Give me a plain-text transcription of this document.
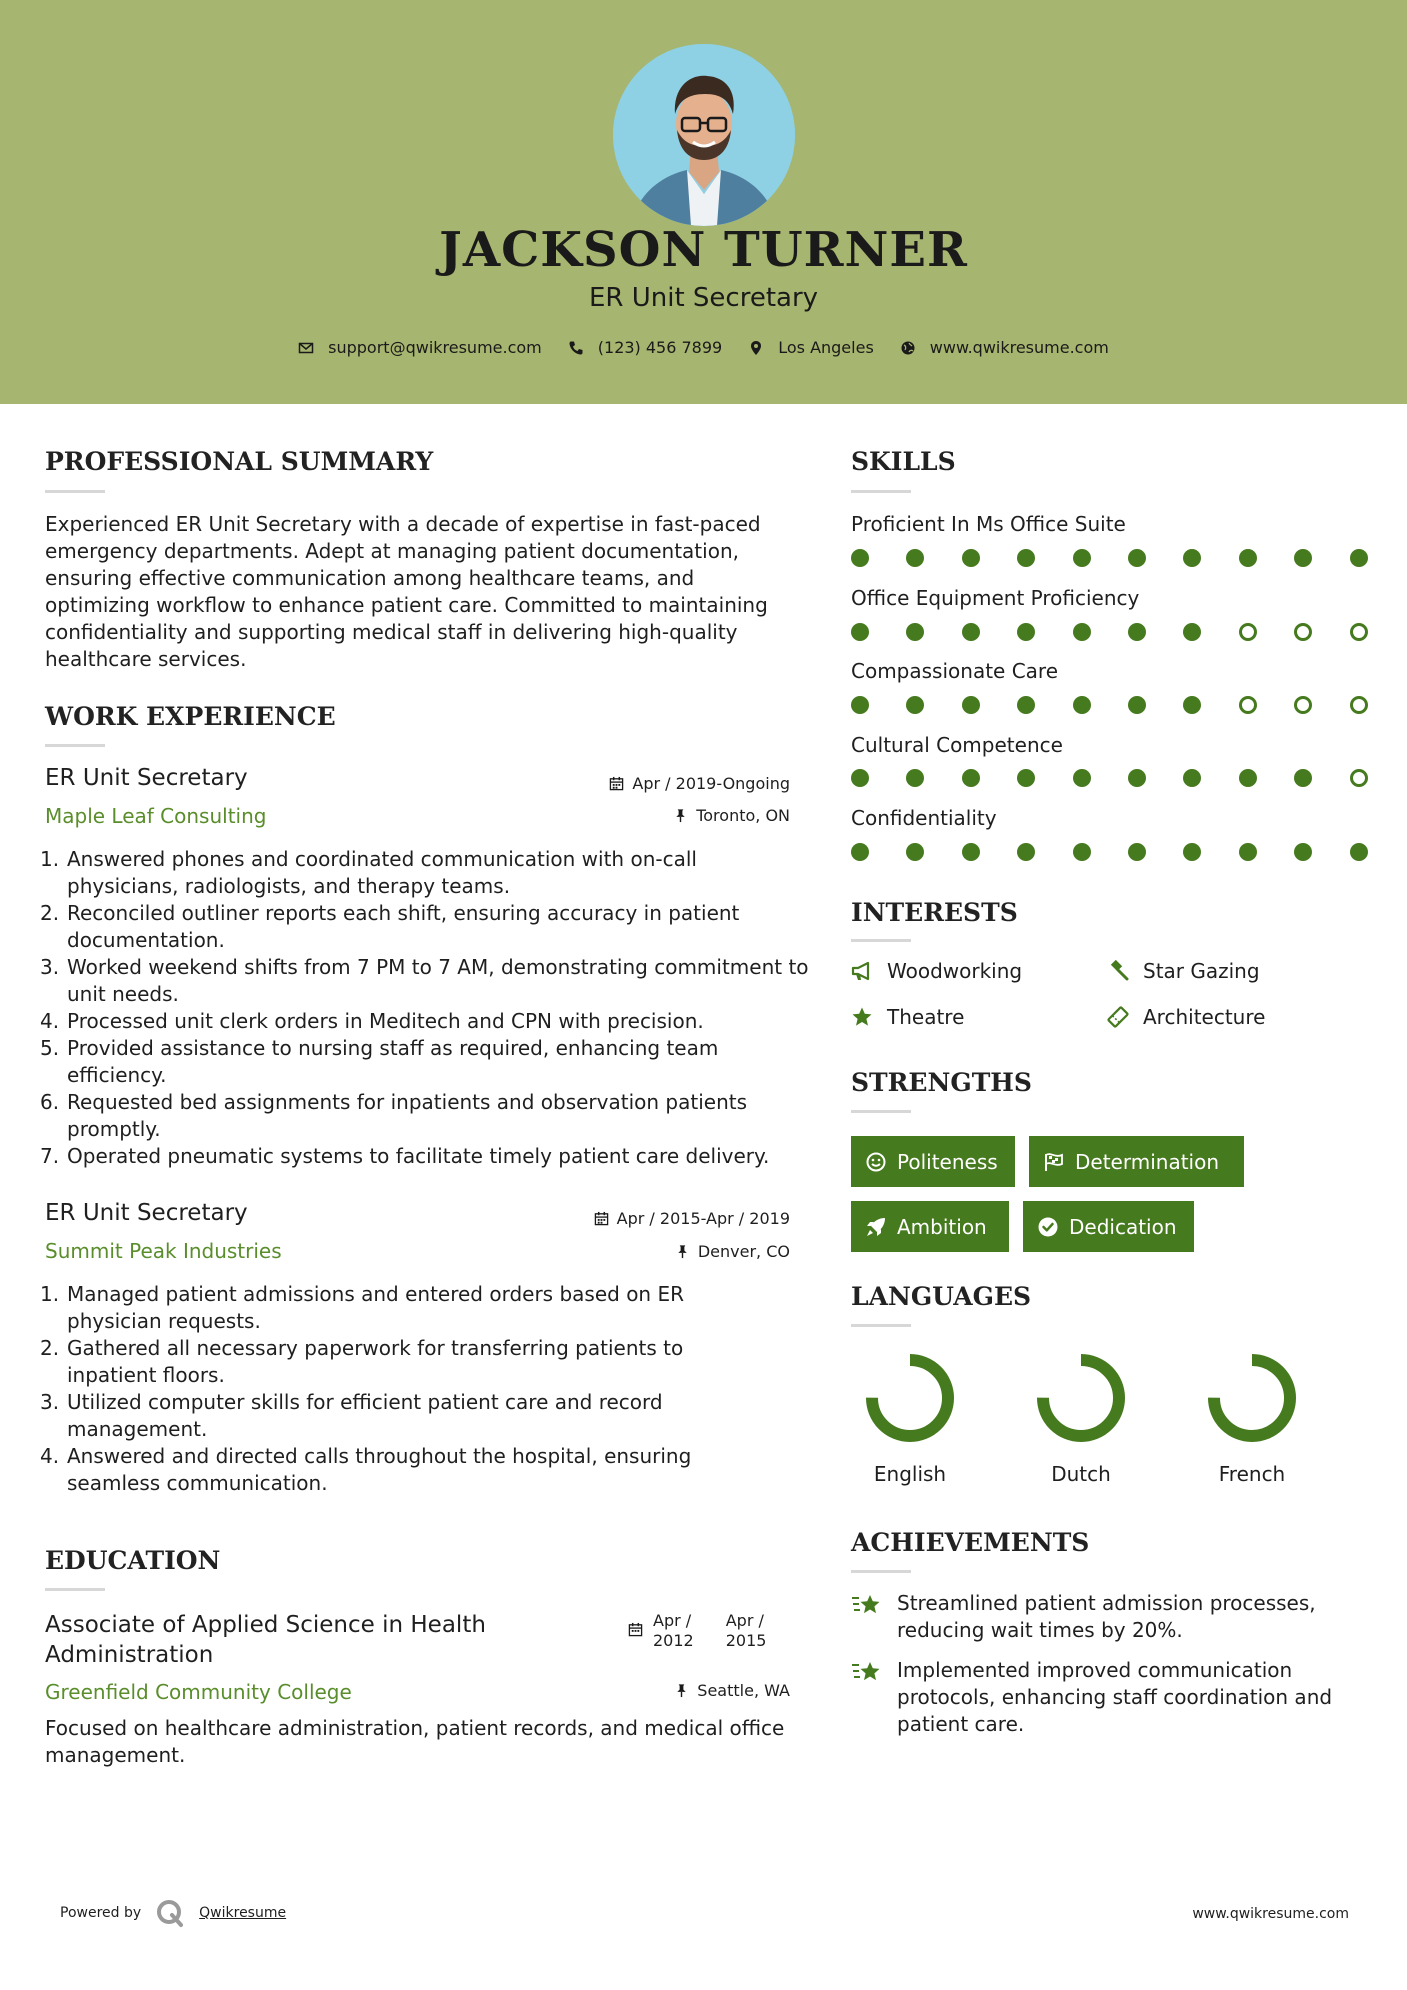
JACKSON TURNER
ER Unit Secretary
support@qwikresume.com	(123) 456 7899	Los Angeles	www.qwikresume.com
PROFESSIONAL SUMMARY
Experienced ER Unit Secretary with a decade of expertise in fast-paced emergency departments. Adept at managing patient documentation, ensuring effective communication among healthcare teams, and optimizing workflow to enhance patient care. Committed to maintaining confidentiality and supporting medical staff in delivering high-quality healthcare services.
WORK EXPERIENCE
ER Unit Secretary	Apr / 2019-Ongoing
Maple Leaf Consulting	Toronto, ON
1. Answered phones and coordinated communication with on-call physicians, radiologists, and therapy teams.
2. Reconciled outliner reports each shift, ensuring accuracy in patient documentation.
3. Worked weekend shifts from 7 PM to 7 AM, demonstrating commitment to unit needs.
4. Processed unit clerk orders in Meditech and CPN with precision.
5. Provided assistance to nursing staff as required, enhancing team efficiency.
6. Requested bed assignments for inpatients and observation patients promptly.
7. Operated pneumatic systems to facilitate timely patient care delivery.
ER Unit Secretary	Apr / 2015-Apr / 2019
Summit Peak Industries	Denver, CO
1. Managed patient admissions and entered orders based on ER physician requests.
2. Gathered all necessary paperwork for transferring patients to inpatient floors.
3. Utilized computer skills for efficient patient care and record management.
4. Answered and directed calls throughout the hospital, ensuring seamless communication.
EDUCATION
Associate of Applied Science in Health Administration
Apr /
2012
Apr /
2015
Greenfield Community College	Seattle, WA
Focused on healthcare administration, patient records, and medical office management.
SKILLS
Proficient In Ms Office Suite
Office Equipment Proficiency
Compassionate Care
Cultural Competence
Confidentiality
INTERESTS
Woodworking	Star Gazing
Theatre	Architecture
STRENGTHS
Politeness	Determination
Ambition	Dedication
LANGUAGES
English	Dutch	French
ACHIEVEMENTS
Streamlined patient admission processes, reducing wait times by 20%.
Implemented improved communication protocols, enhancing staff coordination and patient care.
Powered by	Qwikresume	www.qwikresume.com
